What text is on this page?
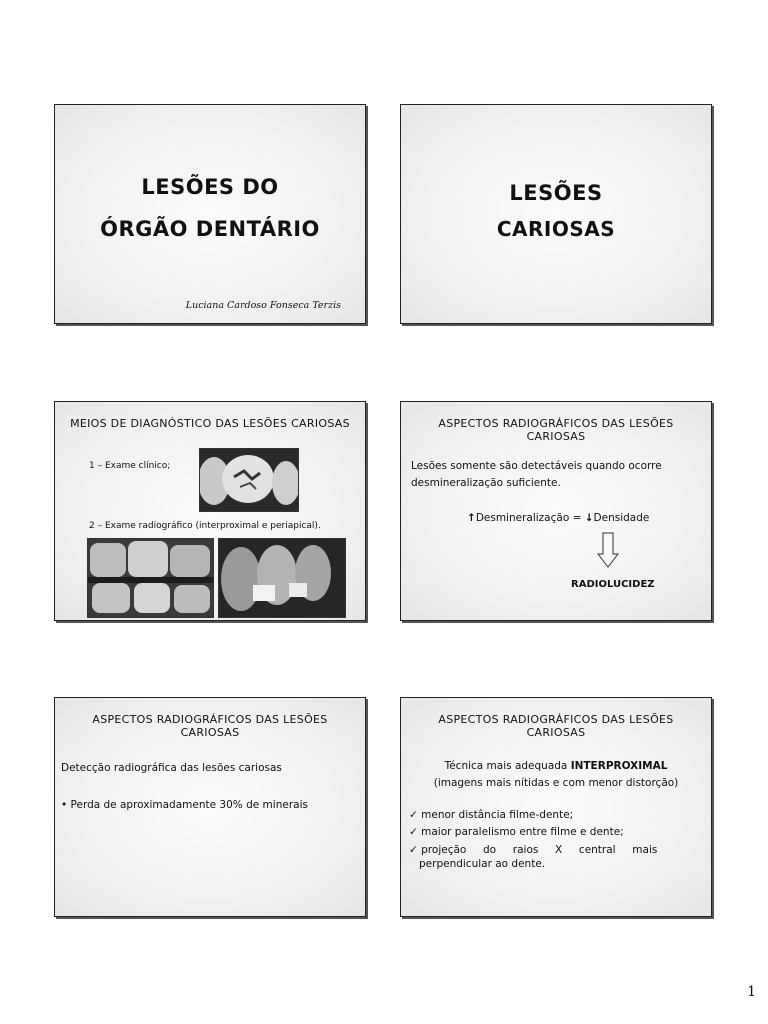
LESÕES DO
ÓRGÃO DENTÁRIO
Luciana Cardoso Fonseca Terzis
LESÕES
CARIOSAS
MEIOS DE DIAGNÓSTICO DAS LESÕES CARIOSAS
1 – Exame clínico;
2 – Exame radiográfico (interproximal e periapical).
ASPECTOS RADIOGRÁFICOS DAS LESÕES CARIOSAS
Lesões somente são detectáveis quando ocorre
desmineralização suficiente.
↑Desmineralização = ↓Densidade
RADIOLUCIDEZ
ASPECTOS RADIOGRÁFICOS DAS LESÕES CARIOSAS
Detecção radiográfica das lesões cariosas
• Perda de aproximadamente 30% de minerais
ASPECTOS RADIOGRÁFICOS DAS LESÕES CARIOSAS
Técnica mais adequada INTERPROXIMAL
(imagens mais nítidas e com menor distorção)
✓ menor distância filme-dente;
✓ maior paralelismo entre filme e dente;
✓ projeção     do     raios     X     central     mais
perpendicular ao dente.
1
